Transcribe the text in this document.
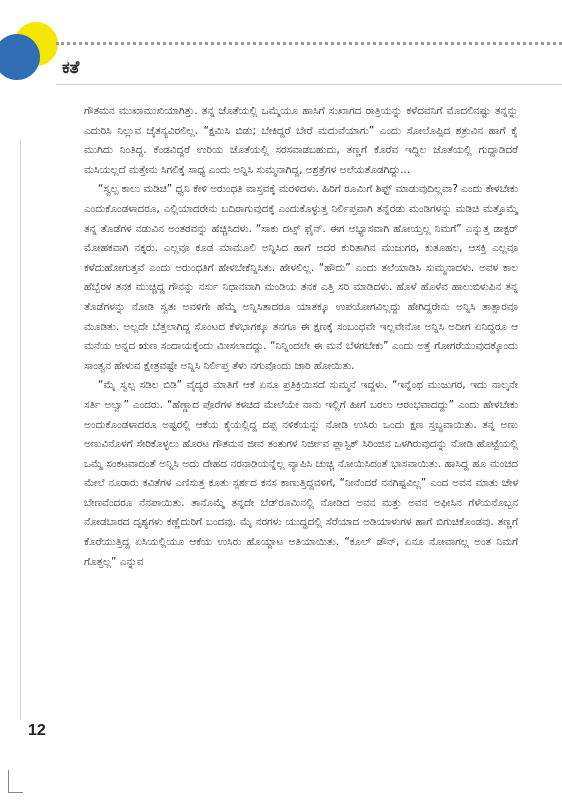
ಕತೆ

ಗೌತಮನ ಮುಖಾಮುಖಿಯಾಗಿತ್ತು. ತನ್ನ ಜೊತೆಯಲ್ಲಿ ಒಮ್ಮೆಯೂ ಹಾಸಿಗೆ ಸುಖಾಗದ ರಾತ್ರಿಯನ್ನು ಕಳೆದವನಿಗೆ ಮೊದಲಿನಷ್ಟು ತನ್ನನ್ನು ಎದುರಿಸಿ ನಿಲ್ಲುವ ಚೈತನ್ಯವಿರಲಿಲ್ಲ. “ಕ್ಷಮಿಸಿ ಬಿಡು; ಬೇಕಿದ್ದರೆ ಬೇರೆ ಮದುವೆಯಾಗು” ಎಂದು ಸೋಲೊಪ್ಪಿದ ಶತ್ರುವಿನ ಹಾಗೆ ಕೈ ಮುಗಿದು ನಿಂತಿದ್ದ. ಕೆಂಡವಿದ್ದರೆ ಉರಿಯ ಜೊತೆಯಲ್ಲಿ ಸರಸವಾಡಬಹುದು, ತಣ್ಣಗೆ ಕೊರೆವ ಇದ್ದಿಲ ಜೊತೆಯಲ್ಲಿ ಗುದ್ದಾಡಿದರೆ ಮಸಿಯಲ್ಲದೆ ಮತ್ತೇನು ಸಿಗಲಿಕ್ಕೆ ಸಾಧ್ಯ ಎಂದು ಅನ್ನಿಸಿ ಸುಮ್ಮನಾಗಿದ್ದ, ಅಶ್ರತ್ರೆಗಳ ಅಲೆಯತೊಡಗಿದ್ದು...

“ಸ್ವಲ್ಪ ಕಾಲು ಮಡಿಚಿ” ಧ್ವನಿ ಕೇಳಿ ಅರುಂಧತಿ ವಾಸ್ತವಕ್ಕೆ ಮರಳಿದಳು. ಹಿರಿಗೆ ರೂಮಿಗೆ ಶಿಫ್ಟ್ ಮಾಡುವುದಿಲ್ಲವಾ? ಎಂದು ಕೇಳಬೇಕು ಎಂದುಕೊಂಡಳಾದರೂ, ಎಲ್ಲಿಯಾದರೇನು ಬದಿರಾಗುವುದಕ್ಕೆ ಎಂದುಕೊಳ್ಳುತ್ತ ನಿರ್ಲಿಪ್ತವಾಗಿ ತನ್ನೆರಡು ಮಂಡಿಗಳನ್ನು ಮಡಿಚಿ ಮತ್ತೊಮ್ಮೆ ತನ್ನ ತೊಡೆಗಳ ನಡುವಿನ ಅಂತರವನ್ನು ಹೆಚ್ಚಿಸಿದಳು. “ಸಾಕು ದಟ್ಸ್ ಫೈನ್. ಈಗ ಅಭ್ಯಾಸವಾಗಿ ಹೋಯ್ತಲ್ಲ ನಿಮಗೆ” ಎನ್ನುತ್ತ ಡಾಕ್ಟರ್ ಮೋಹಕವಾಗಿ ನಕ್ಕರು. ಎಲ್ಲವೂ ಕೂಡ ಮಾಮೂಲಿ ಅನ್ನಿಸಿದ ಹಾಗೆ ಅದರ ಕುರಿತಾಗಿನ ಮುಜುಗರ, ಕುತೂಹಲ, ಆಸಕ್ತಿ ಎಲ್ಲವೂ ಕಳೆದುಹೋಗುತ್ತವೆ ಎಂದು ಅರುಂಧತಿಗೆ ಹೇಳಬೇಕೆನ್ನಿಸಿತು. ಹೇಳಲಿಲ್ಲ. “ಹೌದು” ಎಂದು ತಲೆಯಾಡಿಸಿ ಸುಮ್ಮನಾದಳು. ಅವಳ ಕಾಲ ಹೆಬ್ಬೆರಳ ತನಕ ಮುಚ್ಚಿದ್ದ ಗೌನನ್ನು ನರ್ಸು ನಿಧಾನವಾಗಿ ಮಂಡಿಯ ತನಕ ಎತ್ತಿ ಸರಿ ಮಾಡಿದಳು. ಹೊಳೆ ಹೊಳೆವ ಹಾಲುಬಿಳುಪಿನ ತನ್ನ ತೊಡೆಗಳನ್ನು ನೋಡಿ ಸ್ವತಃ ಅವಳಿಗೇ ಹೆಮ್ಮೆ ಅನ್ನಿಸಿತಾದರೂ ಯಾತಕ್ಕೂ ಉಪಯೋಗವಿಲ್ಲದ್ದು ಹೇಗಿದ್ದರೇನು ಅನ್ನಿಸಿ ತಾತ್ಸಾರವೂ ಮೂಡಿತು. ಅಲ್ಲದೇ ಬೆತ್ತಲಾಗಿದ್ದ ಸೊಂಟದ ಕೆಳಭಾಗಕ್ಕೂ ತನಗೂ ಈ ಕ್ಷಣಕ್ಕೆ ಸಂಬಂಧವೇ ಇಲ್ಲವೇನೋ ಅನ್ನಿಸಿ ಅದೀಗ ಏನಿದ್ದರೂ ಆ ಮನೆಯ ಅನ್ನದ ಋಣ ಸಂದಾಯಕ್ಕೆಂದು ಮೀಸಲಾದದ್ದು. “ನಿನ್ನಿಂದಲೇ ಈ ಮನೆ ಬೆಳಗಬೇಕು” ಎಂದು ಅತ್ತೆ ಗೋಗರೆಯುವುದಕ್ಕೊಂದು ಸಾಂತ್ವನ ಹೇಳುವ ಕ್ಷೇತ್ರವಷ್ಟೇ ಅನ್ನಿಸಿ ನಿರ್ಲಿಪ್ತ ತೆಳು ನಗುವೊಂದು ಜಾರಿ ಹೋಯಿತು.

“ಮೈ ಸ್ವಲ್ಪ ಸಡಿಲ ಬಿಡಿ” ವೈದ್ಯರ ಮಾತಿಗೆ ಆಕೆ ಏನೂ ಪ್ರತಿಕ್ರಿಯಿಸದೆ ಸುಮ್ಮನೆ ಇದ್ದಳು. “ಇನ್ನೆಂಥ ಮುಜುಗರ, ಇದು ನಾಲ್ಕನೇ ಸರ್ತಿ ಅಲ್ವಾ” ಎಂದರು. “ಹೆಣ್ಣಾದ ಪೊರೆಗಳ ಕಳಚಿದ ಮೇಲೆಯೇ ನಾನು ಇಲ್ಲಿಗೆ ಹೀಗೆ ಬರಲು ಆರಂಭವಾದದ್ದು” ಎಂದು ಹೇಳಬೇಕು ಅಂದುಕೊಂಡಳಾದರೂ ಅಷ್ಟರಲ್ಲಿ ಆಕೆಯ ಕೈಯಲ್ಲಿದ್ದ ದಪ್ಪ ನಳಿಕೆಯನ್ನು ನೋಡಿ ಉಸಿರು ಒಂದು ಕ್ಷಣ ಸ್ತಬ್ಧವಾಯಿತು. ತನ್ನ ಅಣು ಅಣುವಿನೊಳಗೆ ಸೇರಿಕೊಳ್ಳಲು ಹೊರಟ ಗೌತಮನ ಜೀವ ತಂತುಗಳ ನಿರ್ಜೀವ ಪ್ಲಾಸ್ಟಿಕ್ ಸಿರಿಂಜಿನ ಒಳಗಿರುವುದನ್ನು ನೋಡಿ ಹೊಟ್ಟೆಯಲ್ಲಿ ಒಮ್ಮೆ ಸಂಕಟವಾದಂತೆ ಅನ್ನಿಸಿ ಅದು ದೇಹದ ನರನಾಡಿಯನ್ನೆಲ್ಲ ವ್ಯಾಪಿಸಿ ಚುಚ್ಚಿ ನೋಯಿಸಿದಂತೆ ಭಾಸವಾಯಿತು. ಹಾಸಿದ್ದ ಹೂ ಮಂಚದ ಮೇಲೆ ನೂರಾರು ಕವಿತೆಗಳ ಎಣಿಸುತ್ತ ಕೂತು ಸ್ಪರ್ಶದ ಕನಸ ಕಾಣುತ್ತಿದ್ದವಳಿಗೆ, “ನೀನೆಂದರೆ ನನಗಿಷ್ಟವಿಲ್ಲ” ಎಂದ ಅವನ ಮಾತು ಚೇಳ ಬೇಣವೆಂದರೂ ನೆನಪಾಯಿತು. ತಾನೊಮ್ಮೆ ತನ್ನದೇ ಬೆಡ್‌ರೂಮಿನಲ್ಲಿ ನೋಡಿದ ಅವನ ಮತ್ತು ಅವನ ಅಫೀಸಿನ ಗೆಳೆಯನೊಬ್ಬನ ನೋಡಬಾರದ ದೃಶ್ಯಗಳು ಕಣ್ಣೆದುರಿಗೆ ಬಂದವು. ಮೈ ನರಗಳು ಯುದ್ಧದಲ್ಲಿ ಸೆರೆಯಾದ ಅಡಿಯಾಳುಗಳ ಹಾಗೆ ಬಿಗುಚಿಕೊಂಡವು. ತಣ್ಣಗೆ ಕೊರೆಯುತ್ತಿದ್ದ ಏಸಿಯಲ್ಲಿಯೂ ಆಕೆಯ ಉಸಿರು ಹೊಯ್ದಾಟ ಅತಿಯಾಯಿತು. “ಕೂಲ್ ಡೌನ್, ಏನೂ ನೋವಾಗಲ್ಲ ಅಂತ ನಿಮಗೆ ಗೊತ್ತಲ್ಲ” ಎನ್ನುವ

12
